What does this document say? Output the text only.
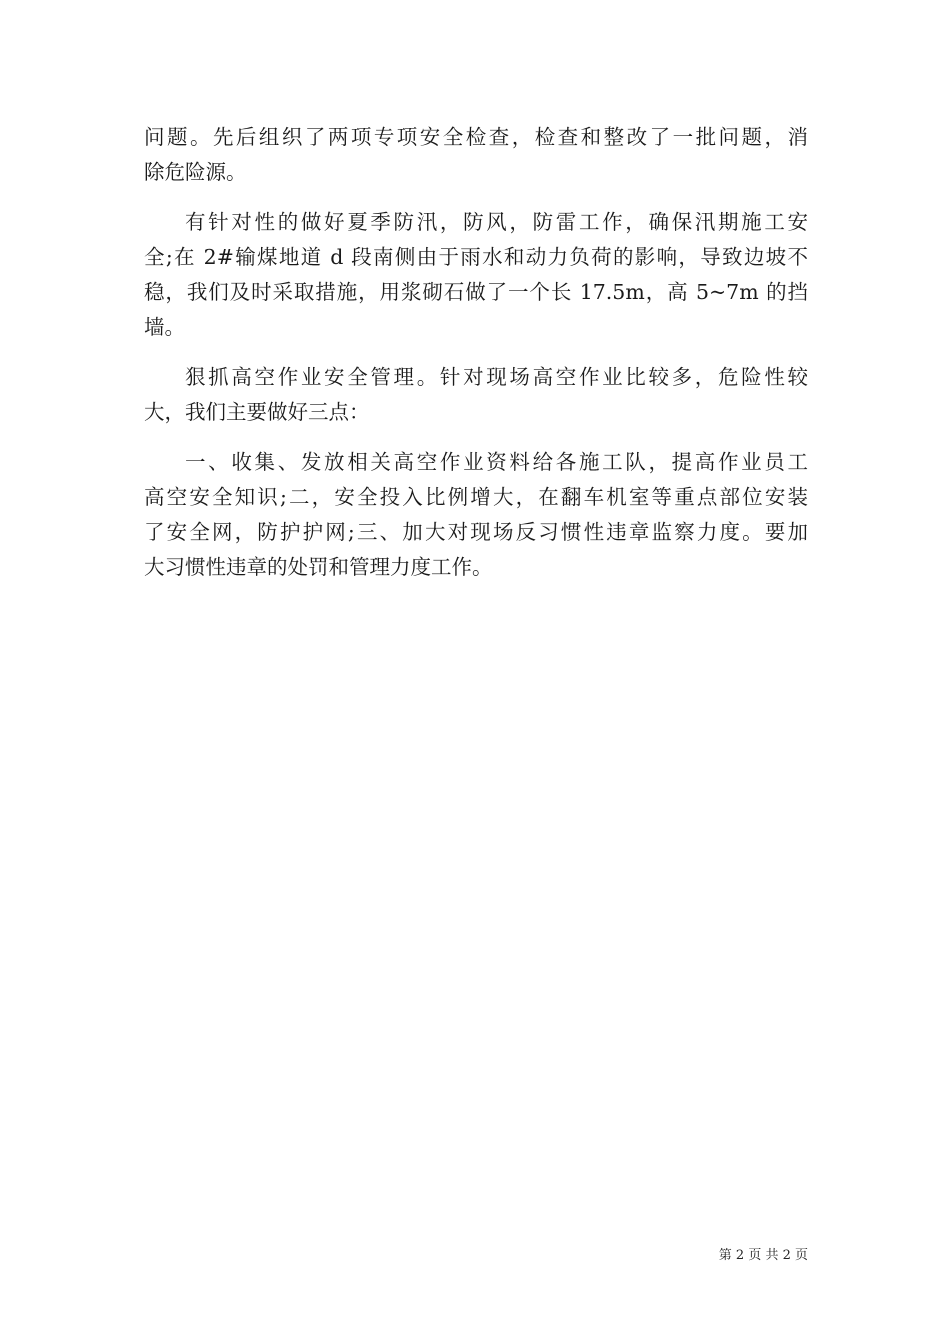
问题。先后组织了两项专项安全检查，检查和整改了一批问题，消
除危险源。
有针对性的做好夏季防汛，防风，防雷工作，确保汛期施工安
全;在 2#输煤地道 d 段南侧由于雨水和动力负荷的影响，导致边坡不
稳，我们及时采取措施，用浆砌石做了一个长 17.5m，高 5~7m 的挡
墙。
狠抓高空作业安全管理。针对现场高空作业比较多，危险性较
大，我们主要做好三点：
一、收集、发放相关高空作业资料给各施工队，提高作业员工
高空安全知识;二，安全投入比例增大，在翻车机室等重点部位安装
了安全网，防护护网;三、加大对现场反习惯性违章监察力度。要加
大习惯性违章的处罚和管理力度工作。
第 2 页 共 2 页
